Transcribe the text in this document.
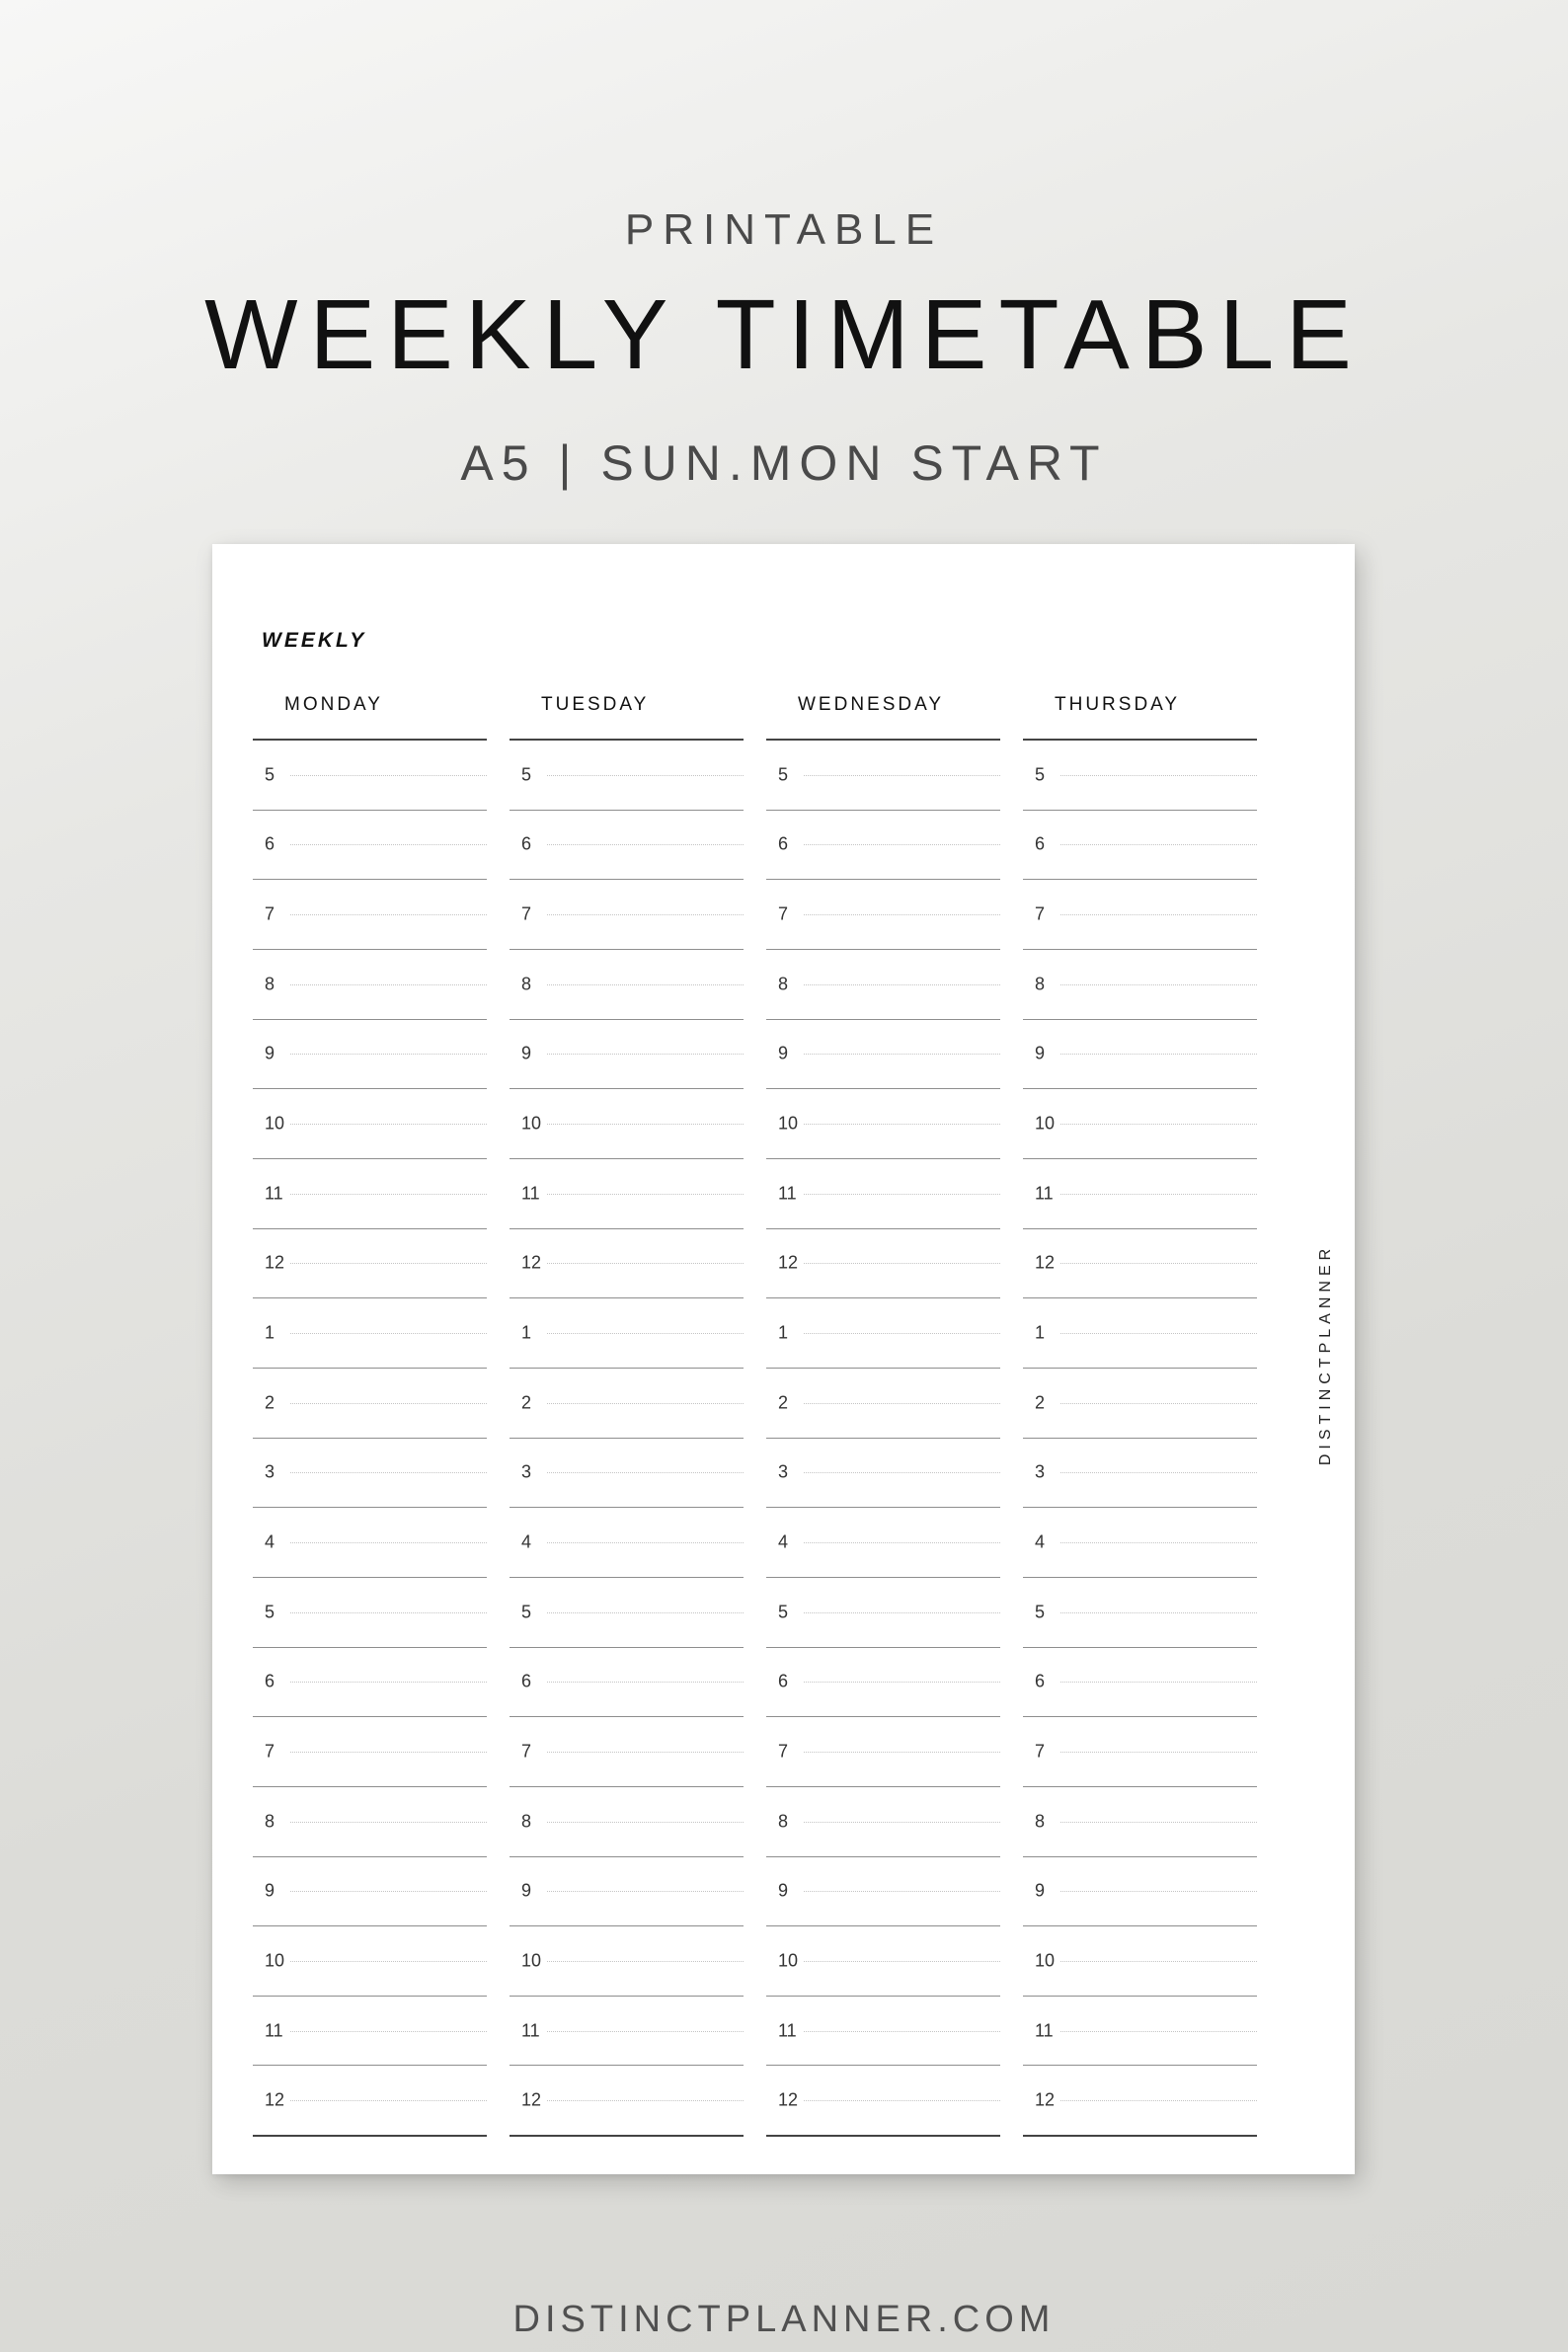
PRINTABLE
WEEKLY TIMETABLE
A5 | SUN.MON START
WEEKLY
MONDAY
5
6
7
8
9
10
11
12
1
2
3
4
5
6
7
8
9
10
11
12
TUESDAY
5
6
7
8
9
10
11
12
1
2
3
4
5
6
7
8
9
10
11
12
WEDNESDAY
5
6
7
8
9
10
11
12
1
2
3
4
5
6
7
8
9
10
11
12
THURSDAY
5
6
7
8
9
10
11
12
1
2
3
4
5
6
7
8
9
10
11
12
DISTINCTPLANNER
DISTINCTPLANNER.COM
